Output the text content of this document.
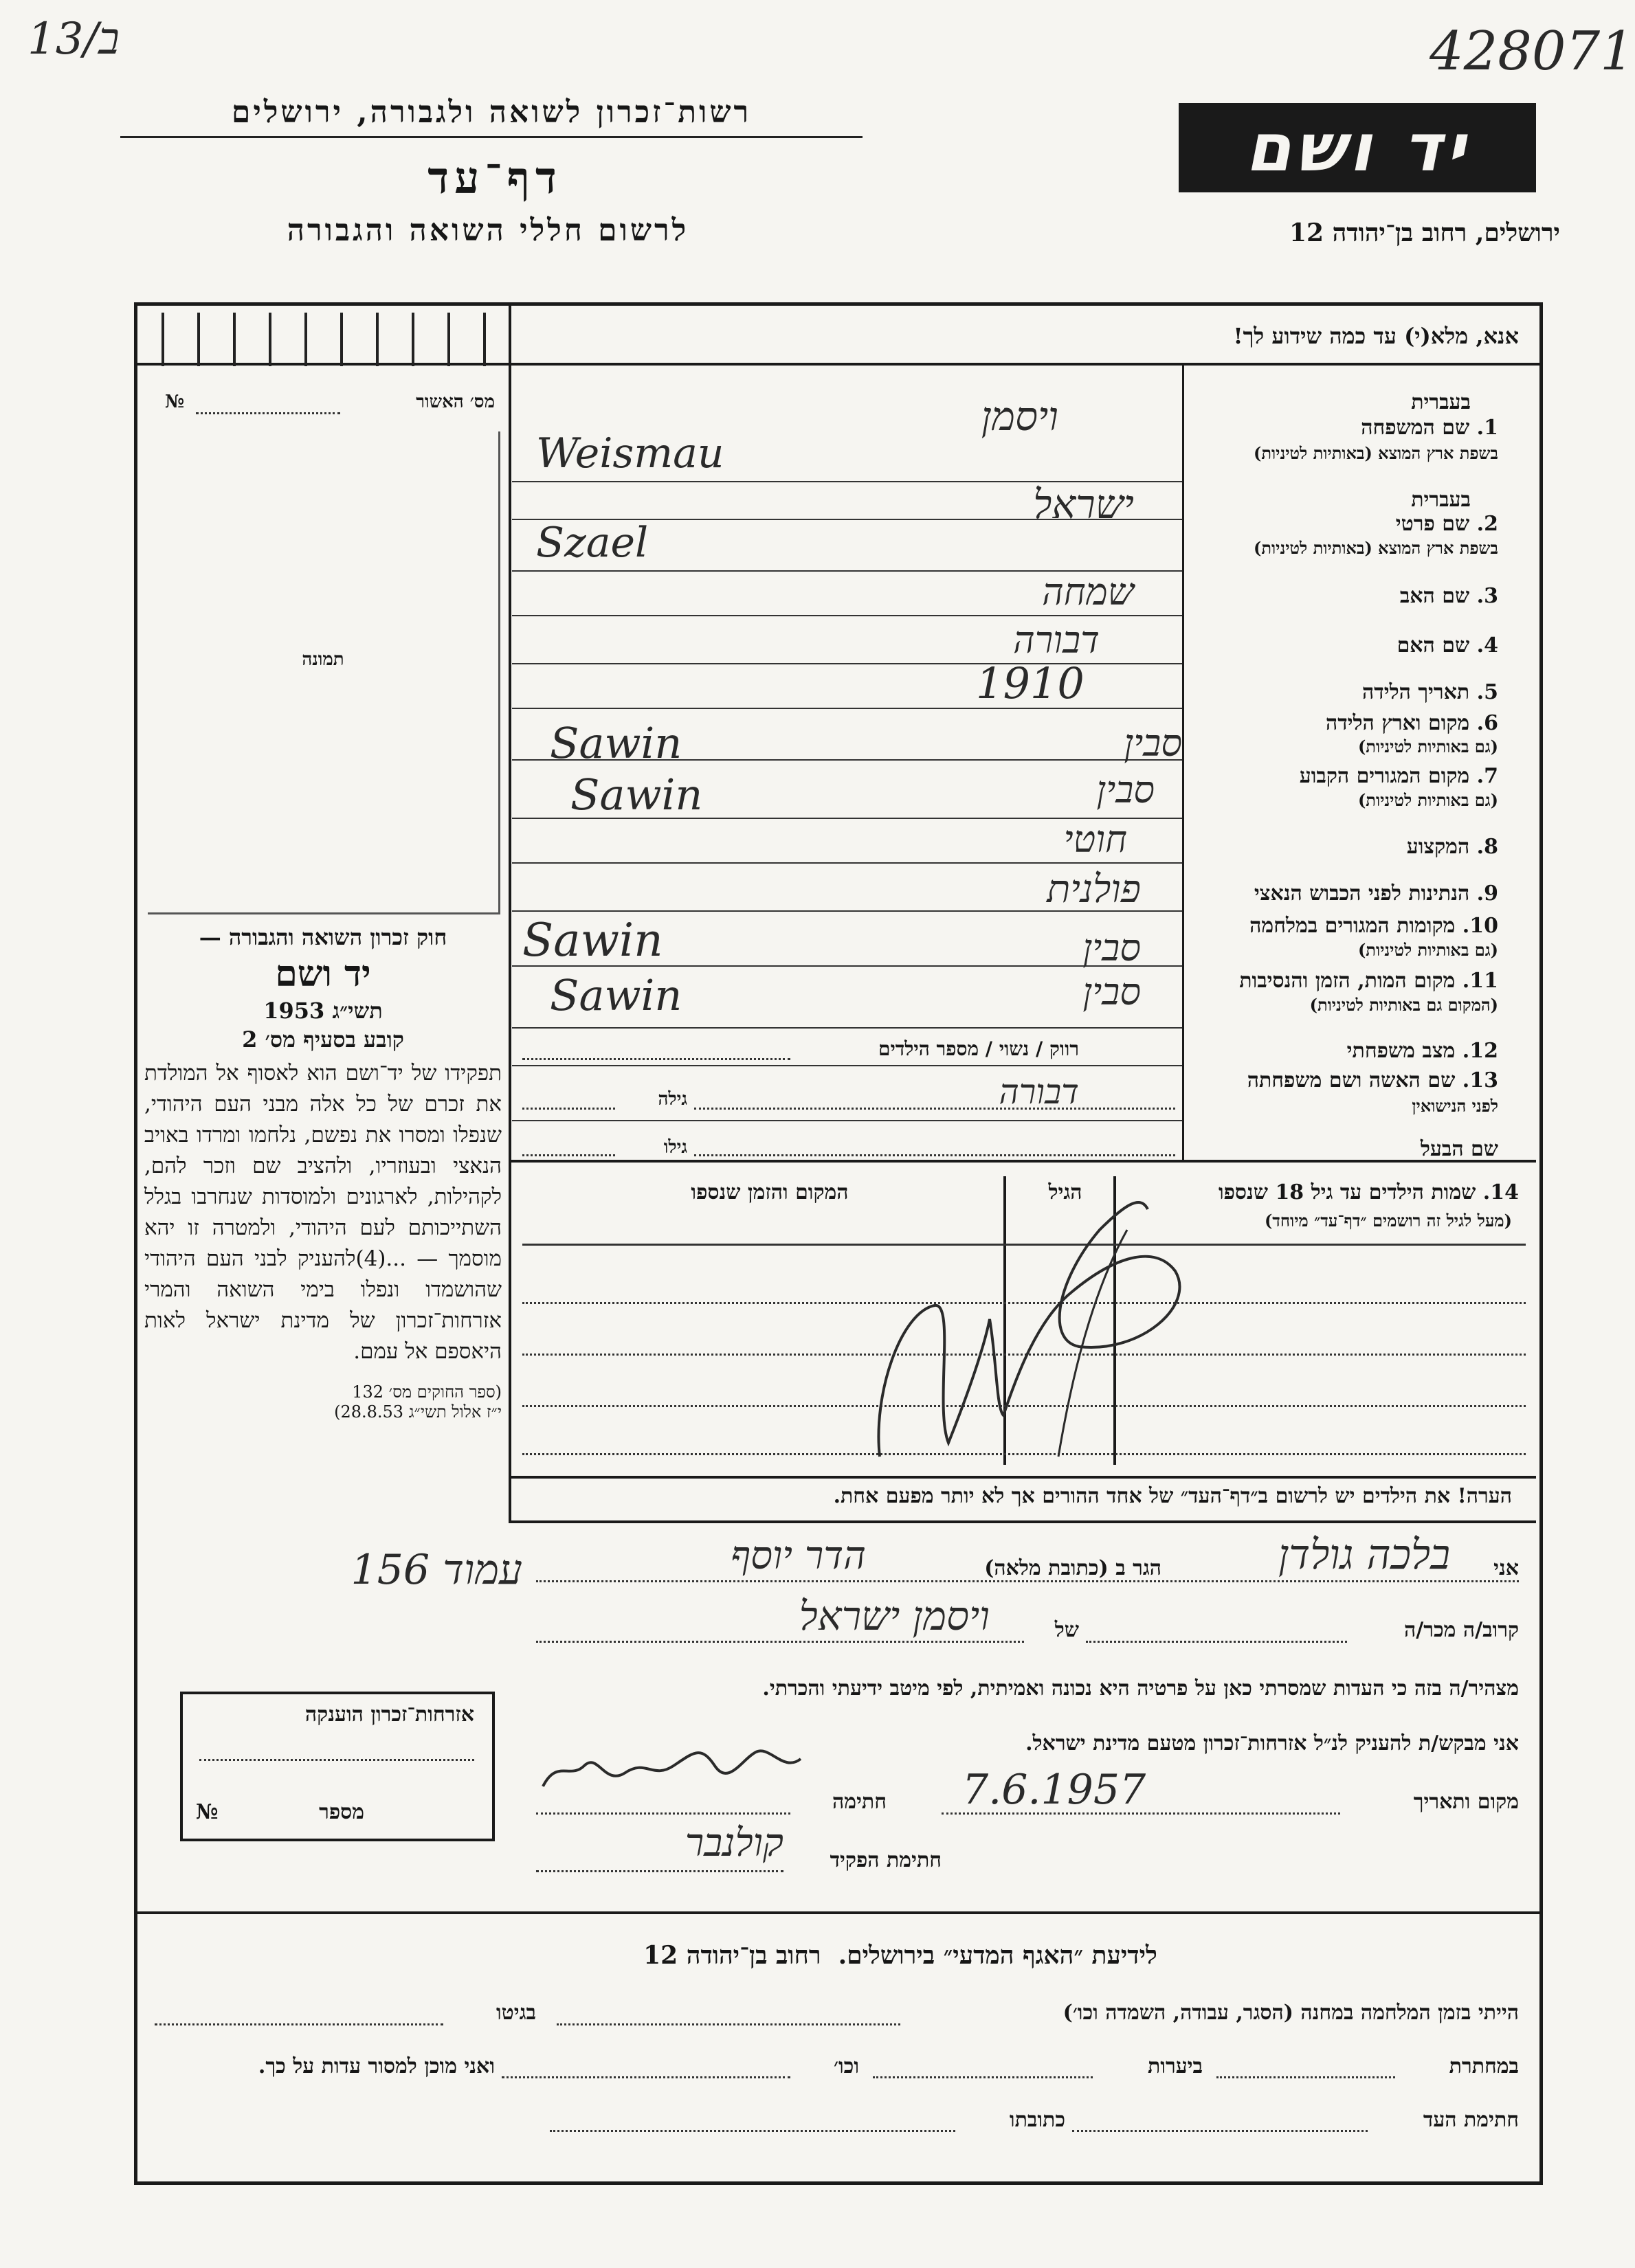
13/ב	428071
יד ושם
ירושלים, רחוב בן־יהודה 12
רשות־זכרון לשואה ולגבורה, ירושלים
דף־עד
לרשום חללי השואה והגבורה
אנא, מלא(י) עד כמה שידוע לך!
מס׳ האשור
№
תמונה
חוק זכרון השואה והגבורה —
יד ושם
תשי״ג 1953
קובע בסעיף מס׳ 2
תפקידו של יד־ושם הוא לאסוף אל המולדת את זכרם של כל אלה מבני העם היהודי, שנפלו ומסרו את נפשם, נלחמו ומרדו באויב הנאצי ובעוזריו, ולהציב שם וזכר להם, לקהילות, לארגונים ולמוסדות שנחרבו בגלל השתייכותם לעם היהודי, ולמטרה זו יהא מוסמך — ...(4)להעניק לבני העם היהודי שהושמדו ונפלו בימי השואה והמרי אזרחות־זכרון של מדינת ישראל לאות היאספם אל עמם.
(ספר החוקים מס׳ 132
י״ז אלול תשי״ג 28.8.53)
בעברית
1. שם המשפחה
בשפת ארץ המוצא (באותיות לטיניות)
בעברית
2. שם פרטי
בשפת ארץ המוצא (באותיות לטיניות)
3. שם האב
4. שם האם
5. תאריך הלידה
6. מקום וארץ הלידה
(גם באותיות לטיניות)
7. מקום המגורים הקבוע
(גם באותיות לטיניות)
8. המקצוע
9. הנתינות לפני הכבוש הנאצי
10. מקומות המגורים במלחמה
(גם באותיות לטיניות)
11. מקום המות, הזמן והנסיבות
(המקום גם באותיות לטיניות)
12. מצב משפחתי
13. שם האשה ושם משפחתה
לפני הנישואין
שם הבעל
ויסמן
Weismau
ישראל
Szael
שמחה
דבורה
1910
סבין
Sawin
סבין
Sawin
חוטי
פולנית
סבין
Sawin
סבין
Sawin
רווק / נשוי / מספר הילדים
דבורה
גילה
גילו
14. שמות הילדים עד גיל 18 שנספו
(מעל לגיל זה רושמים ״דף־עד״ מיוחד)
הגיל
המקום והזמן שנספו
הערה! את הילדים יש לרשום ב״דף־העד״ של אחד ההורים אך לא יותר מפעם אחת.
אני
בלכה גולדן
הגר ב (כתובת מלאה)
הדר יוסף
קרוב/ה מכר/ה
של
ויסמן ישראל
מצהיר/ה בזה כי העדות שמסרתי כאן על פרטיה היא נכונה ואמיתית, לפי מיטב ידיעתי והכרתי.
אני מבקש/ת להעניק לנ״ל אזרחות־זכרון מטעם מדינת ישראל.
מקום ותאריך
7.6.1957
חתימה
חתימת הפקיד
קולנבר
עמוד 156
אזרחות־זכרון הוענקה
מספר
№
לידיעת ״האגף המדעי״ בירושלים.  רחוב בן־יהודה 12
הייתי בזמן המלחמה במחנה (הסגר, עבודה, השמדה וכו׳)
בגיטו
במחתרת
ביערות
וכו׳
ואני מוכן למסור עדות על כך.
חתימת העד
כתובתו
